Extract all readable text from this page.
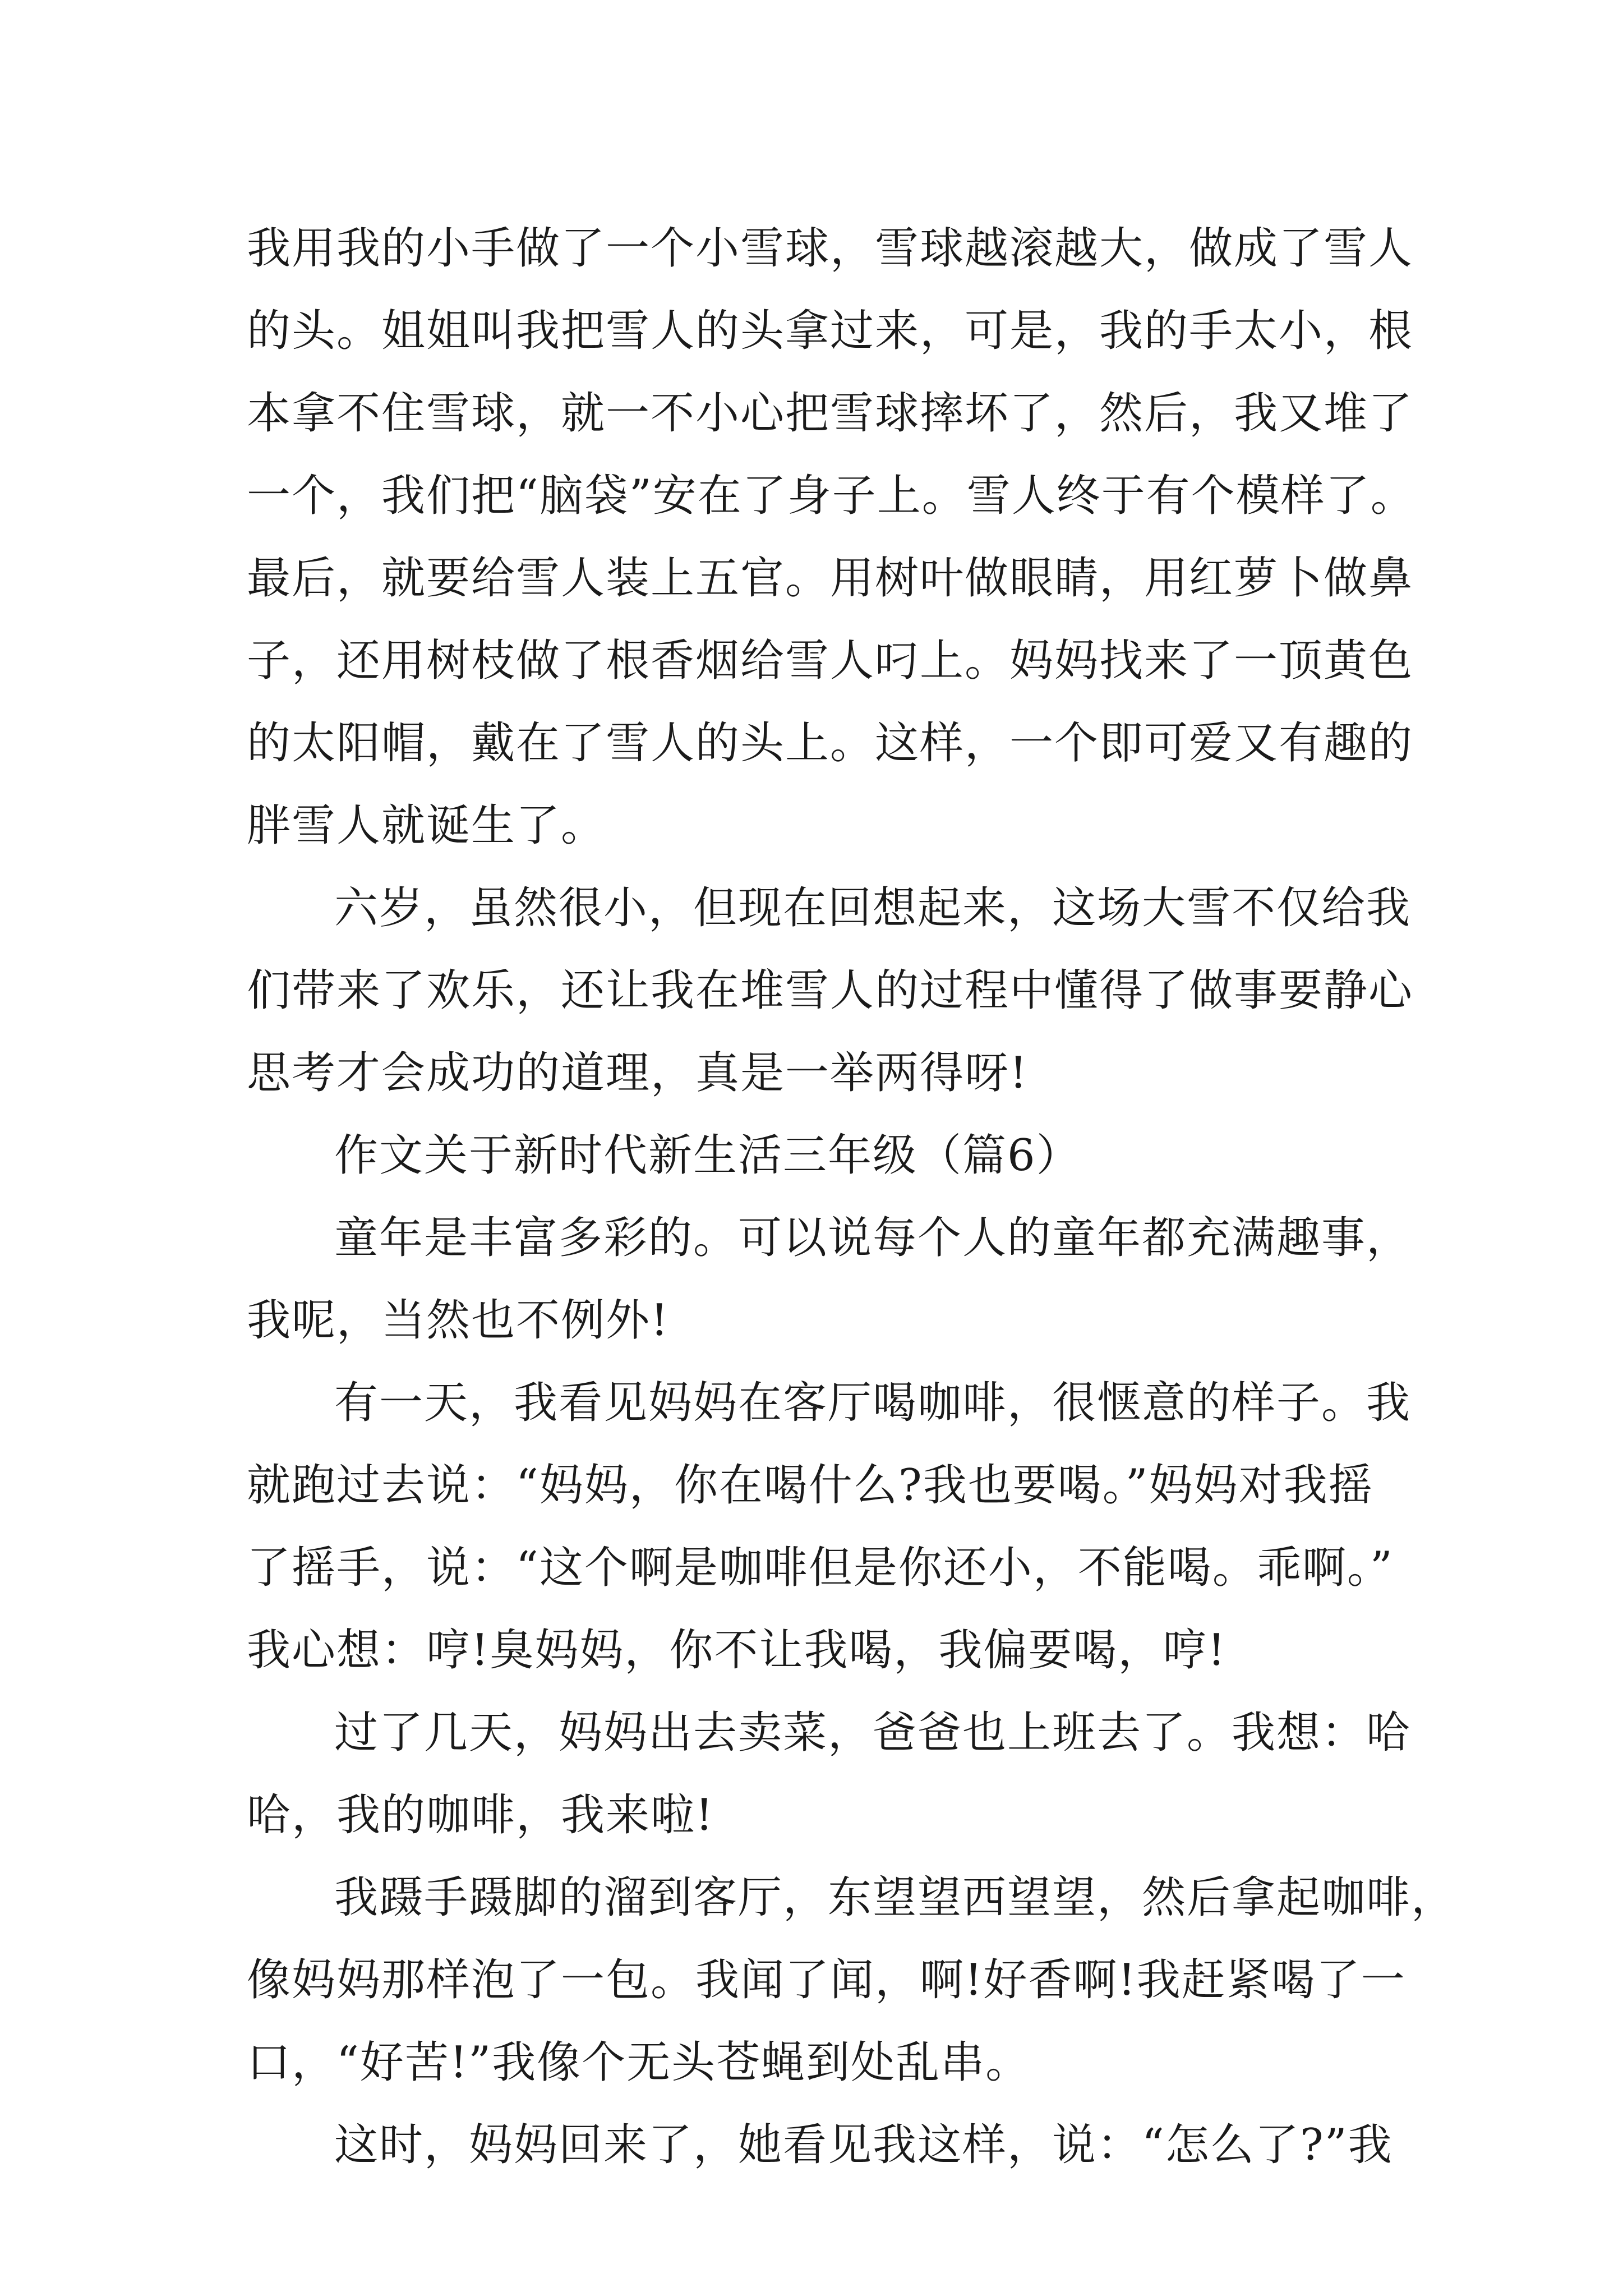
我用我的小手做了一个小雪球，雪球越滚越大，做成了雪人
的头。姐姐叫我把雪人的头拿过来，可是，我的手太小，根
本拿不住雪球，就一不小心把雪球摔坏了，然后，我又堆了
一个，我们把“脑袋”安在了身子上。雪人终于有个模样了。
最后，就要给雪人装上五官。用树叶做眼睛，用红萝卜做鼻
子，还用树枝做了根香烟给雪人叼上。妈妈找来了一顶黄色
的太阳帽，戴在了雪人的头上。这样，一个即可爱又有趣的
胖雪人就诞生了。
六岁，虽然很小，但现在回想起来，这场大雪不仅给我
们带来了欢乐，还让我在堆雪人的过程中懂得了做事要静心
思考才会成功的道理，真是一举两得呀!
作文关于新时代新生活三年级（篇6）
童年是丰富多彩的。可以说每个人的童年都充满趣事，
我呢，当然也不例外!
有一天，我看见妈妈在客厅喝咖啡，很惬意的样子。我
就跑过去说：“妈妈，你在喝什么?我也要喝。”妈妈对我摇
了摇手，说：“这个啊是咖啡但是你还小，不能喝。乖啊。”
我心想：哼!臭妈妈，你不让我喝，我偏要喝，哼!
过了几天，妈妈出去卖菜，爸爸也上班去了。我想：哈
哈，我的咖啡，我来啦!
我蹑手蹑脚的溜到客厅，东望望西望望，然后拿起咖啡，
像妈妈那样泡了一包。我闻了闻，啊!好香啊!我赶紧喝了一
口，“好苦!”我像个无头苍蝇到处乱串。
这时，妈妈回来了，她看见我这样，说：“怎么了?”我
